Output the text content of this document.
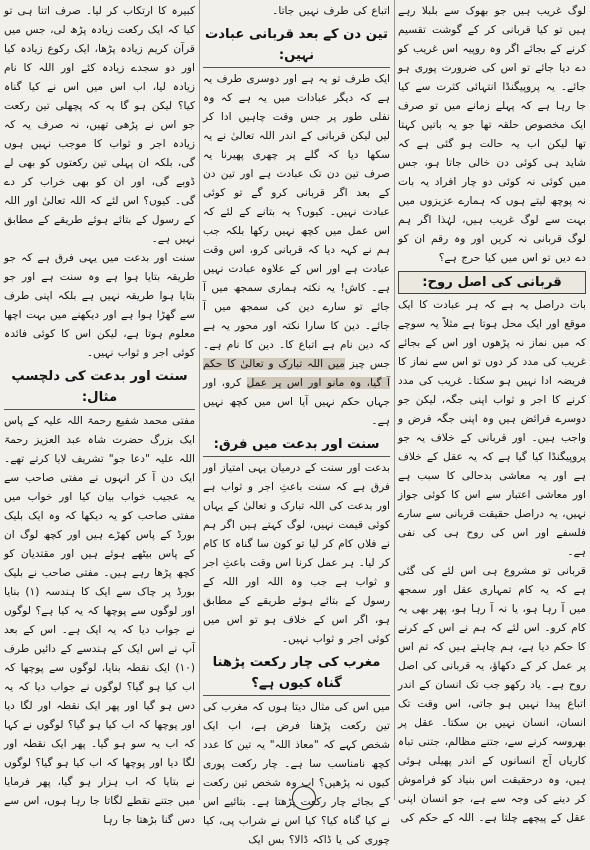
لوگ غریب ہیں جو بھوک سے بلبلا رہے ہیں تو کیا قربانی کر کے گوشت تقسیم کرنے کے بجائے اگر وہ روپیہ اس غریب کو دے دیا جائے تو اس کی ضرورت پوری ہو جائے۔ یہ پروپیگنڈا انتہائی کثرت سے کیا جا رہا ہے کہ پہلے زمانے میں تو صرف ایک مخصوص حلقہ تھا جو یہ باتیں کہتا تھا لیکن اب یہ حالت ہو گئی ہے کہ شاید ہی کوئی دن خالی جاتا ہو، جس میں کوئی نہ کوئی دو چار افراد یہ بات نہ پوچھ لیتے ہوں کہ ہمارے عزیزوں میں بہت سے لوگ غریب ہیں، لہٰذا اگر ہم لوگ قربانی نہ کریں اور وہ رقم ان کو دے دیں تو اس میں کیا حرج ہے؟

قربانی کی اصل روح:

بات دراصل یہ ہے کہ ہر عبادت کا ایک موقع اور ایک محل ہوتا ہے مثلاً یہ سوچے کہ میں نماز نہ پڑھوں اور اس کے بجائے غریب کی مدد کر دوں تو اس سے نماز کا فریضہ ادا نہیں ہو سکتا۔ غریب کی مدد کرنے کا اجر و ثواب اپنی جگہ، لیکن جو دوسرے فرائض ہیں وہ اپنی جگہ فرض و واجب ہیں۔ اور قربانی کے خلاف یہ جو پروپیگنڈا کیا گیا ہے کہ یہ عقل کے خلاف ہے اور یہ معاشی بدحالی کا سبب ہے اور معاشی اعتبار سے اس کا کوئی جواز نہیں، یہ دراصل حقیقت قربانی سے سارے فلسفے اور اس کی روح ہی کی نفی ہے۔

قربانی تو مشروع ہی اس لئے کی گئی ہے کہ یہ کام تمہاری عقل اور سمجھ میں آ رہا ہو، یا نہ آ رہا ہو، پھر بھی یہ کام کرو۔ اس لئے کہ ہم نے اس کے کرنے کا حکم دیا ہے، ہم چاہتے ہیں کہ تم اس پر عمل کر کے دکھاؤ، یہ قربانی کی اصل روح ہے۔ یاد رکھو جب تک انسان کے اندر اتباع پیدا نہیں ہو جاتی، اس وقت تک انسان، انسان نہیں بن سکتا۔ عقل پر بھروسہ کرنے سے، جتنے مظالم، جتنی تباہ کاریاں آج انسانوں کے اندر پھیلی ہوئی ہیں، وہ درحقیقت اس بنیاد کو فراموش کر دینے کی وجہ سے ہے، جو انسان اپنی عقل کے پیچھے چلتا ہے۔ اللہ کے حکم کی

اتباع کی طرف نہیں جاتا۔

تین دن کے بعد قربانی عبادت نہیں:

ایک طرف تو یہ ہے اور دوسری طرف یہ ہے کہ دیگر عبادات میں یہ ہے کہ وہ نفلی طور پر جس وقت چاہیں ادا کر لیں لیکن قربانی کے اندر اللہ تعالیٰ نے یہ سکھا دیا کہ گلے پر چھری پھیرنا یہ صرف تین دن تک عبادت ہے اور تین دن کے بعد اگر قربانی کرو گے تو کوئی عبادت نہیں۔ کیوں؟ یہ بتانے کے لئے کہ اس عمل میں کچھ نہیں رکھا بلکہ جب ہم نے کہہ دیا کہ قربانی کرو، اس وقت عبادت ہے اور اس کے علاوہ عبادت نہیں ہے۔ کاش! یہ نکتہ ہماری سمجھ میں آ جائے تو سارے دین کی سمجھ میں آ جائے۔ دین کا سارا نکتہ اور محور یہ ہے کہ دین نام ہے اتباع کا۔ دین کا نام ہے۔ جس چیز میں اللہ تبارک و تعالیٰ کا حکم آ گیا، وہ مانو اور اس پر عمل کرو، اور جہاں حکم نہیں آیا اس میں کچھ نہیں ہے۔

سنت اور بدعت میں فرق:

بدعت اور سنت کے درمیان یہی امتیاز اور فرق ہے کہ سنت باعثِ اجر و ثواب ہے اور بدعت کی اللہ تبارک و تعالیٰ کے یہاں کوئی قیمت نہیں، لوگ کہتے ہیں اگر ہم نے فلاں کام کر لیا تو کون سا گناہ کا کام کر لیا۔ ہر عمل کرنا اس وقت باعثِ اجر و ثواب ہے جب وہ اللہ اور اللہ کے رسول کے بتائے ہوئے طریقے کے مطابق ہو، اگر اس کے خلاف ہو تو اس میں کوئی اجر و ثواب نہیں۔

مغرب کی چار رکعت پڑھنا گناہ کیوں ہے؟

میں اس کی مثال دیتا ہوں کہ مغرب کی تین رکعت پڑھنا فرض ہے، اب ایک شخص کہے کہ "معاذ اللہ" یہ تین کا عدد کچھ نامناسب سا ہے۔ چار رکعت پوری کیوں نہ پڑھیں؟ اب وہ شخص تین رکعت کے بجائے چار رکعت پڑھتا ہے۔ بتائیے اس نے کیا گناہ کیا؟ کیا اس نے شراب پی، کیا چوری کی یا ڈاکہ ڈالا؟ بس ایک

کبیرہ کا ارتکاب کر لیا۔ صرف اتنا ہی تو کیا کہ ایک رکعت زیادہ پڑھ لی، جس میں قرآن کریم زیادہ پڑھا، ایک رکوع زیادہ کیا اور دو سجدے زیادہ کئے اور اللہ کا نام زیادہ لیا، اب اس میں اس نے کیا گناہ کیا؟ لیکن ہو گا یہ کہ پچھلی تین رکعت جو اس نے پڑھی تھیں، نہ صرف یہ کہ زیادہ اجر و ثواب کا موجب نہیں ہوں گی، بلکہ ان پہلی تین رکعتوں کو بھی لے ڈوبے گی، اور ان کو بھی خراب کر دے گی۔ کیوں؟ اس لئے کہ اللہ تعالیٰ اور اللہ کے رسول کے بتائے ہوئے طریقے کے مطابق نہیں ہے۔

سنت اور بدعت میں یہی فرق ہے کہ جو طریقہ بتایا ہوا ہے وہ سنت ہے اور جو بتایا ہوا طریقہ نہیں ہے بلکہ اپنی طرف سے گھڑا ہوا ہے اور دیکھنے میں بہت اچھا معلوم ہوتا ہے، لیکن اس کا کوئی فائدہ کوئی اجر و ثواب نہیں۔

سنت اور بدعت کی دلچسپ مثال:

مفتی محمد شفیع رحمۃ اللہ علیہ کے پاس ایک بزرگ حضرت شاہ عبد العزیز رحمۃ اللہ علیہ "دعا جو" تشریف لایا کرتے تھے۔ ایک دن آ کر انہوں نے مفتی صاحب سے یہ عجیب خواب بیان کیا اور خواب میں مفتی صاحب کو یہ دیکھا کہ وہ ایک بلیک بورڈ کے پاس کھڑے ہیں اور کچھ لوگ ان کے پاس بیٹھے ہوئے ہیں اور مقتدیان کو کچھ پڑھا رہے ہیں۔ مفتی صاحب نے بلیک بورڈ پر چاک سے ایک کا ہندسہ (۱) بنایا اور لوگوں سے پوچھا کہ یہ کیا ہے؟ لوگوں نے جواب دیا کہ یہ ایک ہے۔ اس کے بعد آپ نے اس ایک کے ہندسے کے دائیں طرف (۱۰) ایک نقطہ بنایا، لوگوں سے پوچھا کہ اب کیا ہو گیا؟ لوگوں نے جواب دیا کہ یہ دس ہو گیا اور پھر ایک نقطہ اور لگا دیا اور پوچھا کہ اب کیا ہو گیا؟ لوگوں نے کہا کہ اب یہ سو ہو گیا۔ پھر ایک نقطہ اور لگا دیا اور پوچھا کہ اب کیا ہو گیا؟ لوگوں نے بتایا کہ اب ہزار ہو گیا، پھر فرمایا میں جتنے نقطے لگاتا جا رہا ہوں، اس سے دس گنا بڑھتا جا رہا
